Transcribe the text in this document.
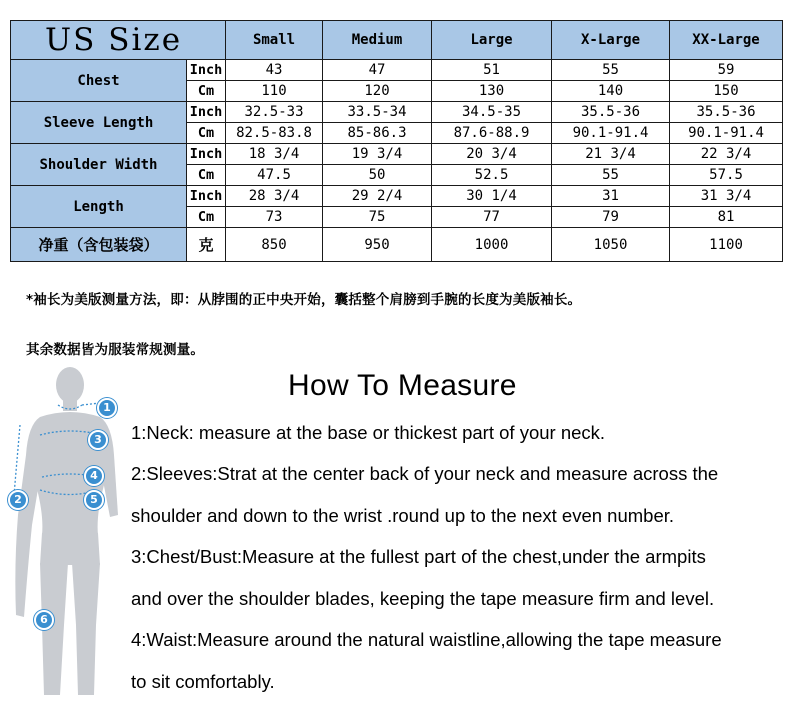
US Size		Small	Medium	Large	X-Large	XX-Large
Chest	Inch	43	47	51	55	59
	Cm	110	120	130	140	150
Sleeve Length	Inch	32.5-33	33.5-34	34.5-35	35.5-36	35.5-36
	Cm	82.5-83.8	85-86.3	87.6-88.9	90.1-91.4	90.1-91.4
Shoulder Width	Inch	18 3/4	19 3/4	20 3/4	21 3/4	22 3/4
	Cm	47.5	50	52.5	55	57.5
Length	Inch	28 3/4	29 2/4	30 1/4	31	31 3/4
	Cm	73	75	77	79	81
净重（含包装袋）	克	850	950	1000	1050	1100
*袖长为美版测量方法，即：从脖围的正中央开始，囊括整个肩膀到手腕的长度为美版袖长。
其余数据皆为服装常规测量。
1
2
3
4
5
6
How To Measure
1:Neck: measure at the base or thickest part of your neck.
2:Sleeves:Strat at the center back of your neck and measure across the
shoulder and down to the wrist .round up to the next even number.
3:Chest/Bust:Measure at the fullest part of the chest,under the armpits
and over the shoulder blades, keeping the tape measure firm and level.
4:Waist:Measure around the natural waistline,allowing the tape measure
to sit comfortably.
